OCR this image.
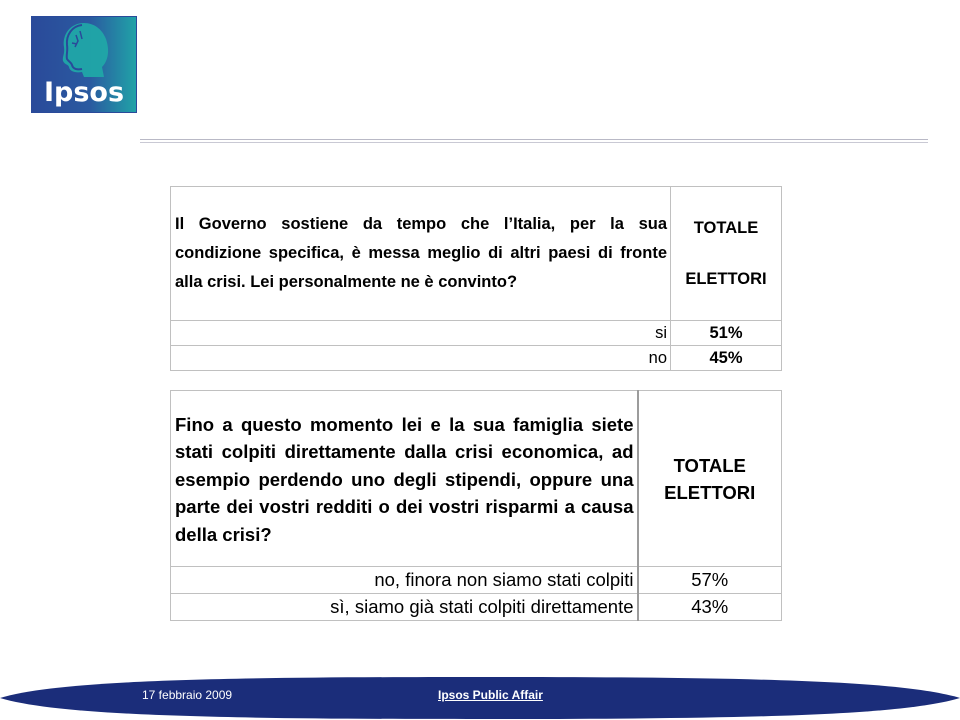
Ipsos
Il Governo sostiene da tempo che l’Italia, per la sua condizione specifica, è messa meglio di altri paesi di fronte alla crisi. Lei personalmente ne è convinto?	TOTALE
ELETTORI

si	51%
no	45%
Fino a questo momento lei e la sua famiglia siete stati colpiti direttamente dalla crisi economica, ad esempio perdendo uno degli stipendi, oppure una parte dei vostri redditi o dei vostri risparmi a causa della crisi?	TOTALE
ELETTORI

no, finora non siamo stati colpiti	57%
sì, siamo già stati colpiti direttamente	43%
17 febbraio 2009	Ipsos Public Affair
